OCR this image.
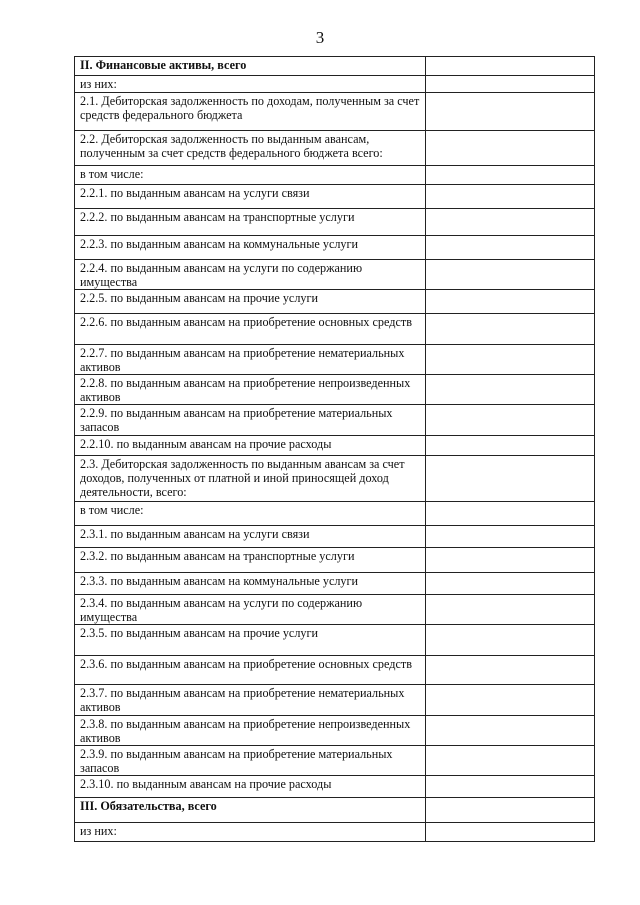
3
II. Финансовые активы, всего	
из них:	
2.1. Дебиторская задолженность по доходам, полученным за счет средств федерального бюджета	
2.2. Дебиторская задолженность по выданным авансам, полученным за счет средств федерального бюджета всего:	
в том числе:	
2.2.1. по выданным авансам на услуги связи	
2.2.2. по выданным авансам на транспортные услуги	
2.2.3. по выданным авансам на коммунальные услуги	
2.2.4. по выданным авансам на услуги по содержанию имущества	
2.2.5. по выданным авансам на прочие услуги	
2.2.6. по выданным авансам на приобретение основных средств	
2.2.7. по выданным авансам на приобретение нематериальных активов	
2.2.8. по выданным авансам на приобретение непроизведенных активов	
2.2.9. по выданным авансам на приобретение материальных запасов	
2.2.10. по выданным авансам на прочие расходы	
2.3. Дебиторская задолженность по выданным авансам за счет доходов, полученных от платной и иной приносящей доход деятельности, всего:	
в том числе:	
2.3.1. по выданным авансам на услуги связи	
2.3.2. по выданным авансам на транспортные услуги	
2.3.3. по выданным авансам на коммунальные услуги	
2.3.4. по выданным авансам на услуги по содержанию имущества	
2.3.5. по выданным авансам на прочие услуги	
2.3.6. по выданным авансам на приобретение основных средств	
2.3.7. по выданным авансам на приобретение нематериальных активов	
2.3.8. по выданным авансам на приобретение непроизведенных активов	
2.3.9. по выданным авансам на приобретение материальных запасов	
2.3.10. по выданным авансам на прочие расходы	
III. Обязательства, всего	
из них:	
